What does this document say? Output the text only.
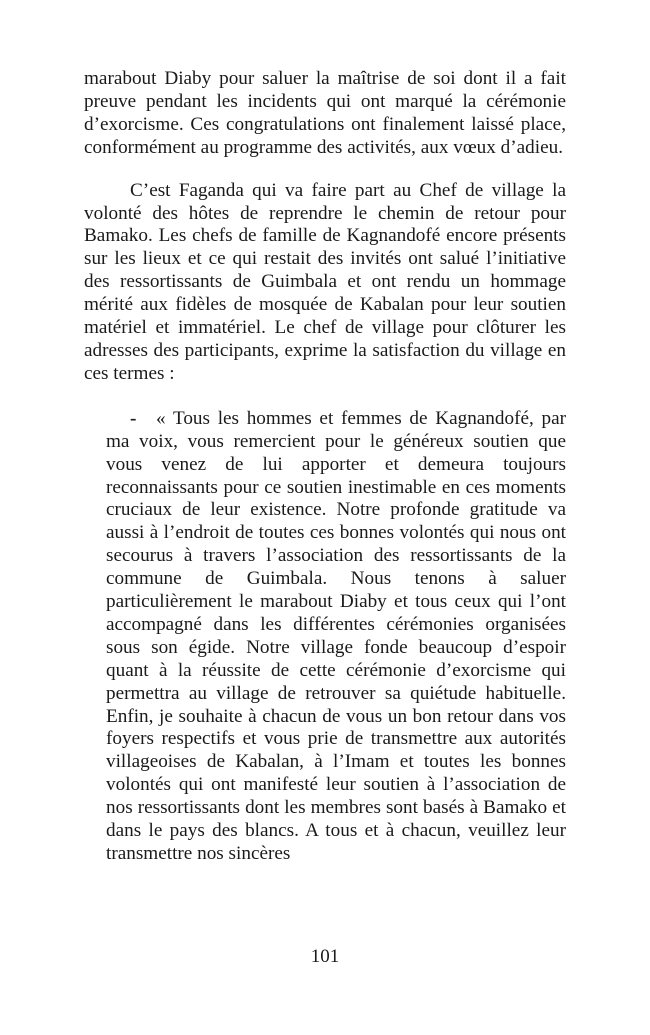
marabout Diaby pour saluer la maîtrise de soi dont il a fait preuve pendant les incidents qui ont marqué la cérémonie d’exorcisme. Ces congratulations ont finalement laissé place, conformément au programme des activités, aux vœux d’adieu.

C’est Faganda qui va faire part au Chef de village la volonté des hôtes de reprendre le chemin de retour pour Bamako. Les chefs de famille de Kagnandofé encore présents sur les lieux et ce qui restait des invités ont salué l’initiative des ressortissants de Guimbala et ont rendu un hommage mérité aux fidèles de mosquée de Kabalan pour leur soutien matériel et immatériel. Le chef de village pour clôturer les adresses des participants, exprime la satisfaction du village en ces termes :

- « Tous les hommes et femmes de Kagnandofé, par ma voix, vous remercient pour le généreux soutien que vous venez de lui apporter et demeura toujours reconnaissants pour ce soutien inestimable en ces moments cruciaux de leur existence. Notre profonde gratitude va aussi à l’endroit de toutes ces bonnes volontés qui nous ont secourus à travers l’association des ressortissants de la commune de Guimbala. Nous tenons à saluer particulièrement le marabout Diaby et tous ceux qui l’ont accompagné dans les différentes cérémonies organisées sous son égide. Notre village fonde beaucoup d’espoir quant à la réussite de cette cérémonie d’exorcisme qui permettra au village de retrouver sa quiétude habituelle. Enfin, je souhaite à chacun de vous un bon retour dans vos foyers respectifs et vous prie de transmettre aux autorités villageoises de Kabalan, à l’Imam et toutes les bonnes volontés qui ont manifesté leur soutien à l’association de nos ressortissants dont les membres sont basés à Bamako et dans le pays des blancs. A tous et à chacun, veuillez leur transmettre nos sincères

101
